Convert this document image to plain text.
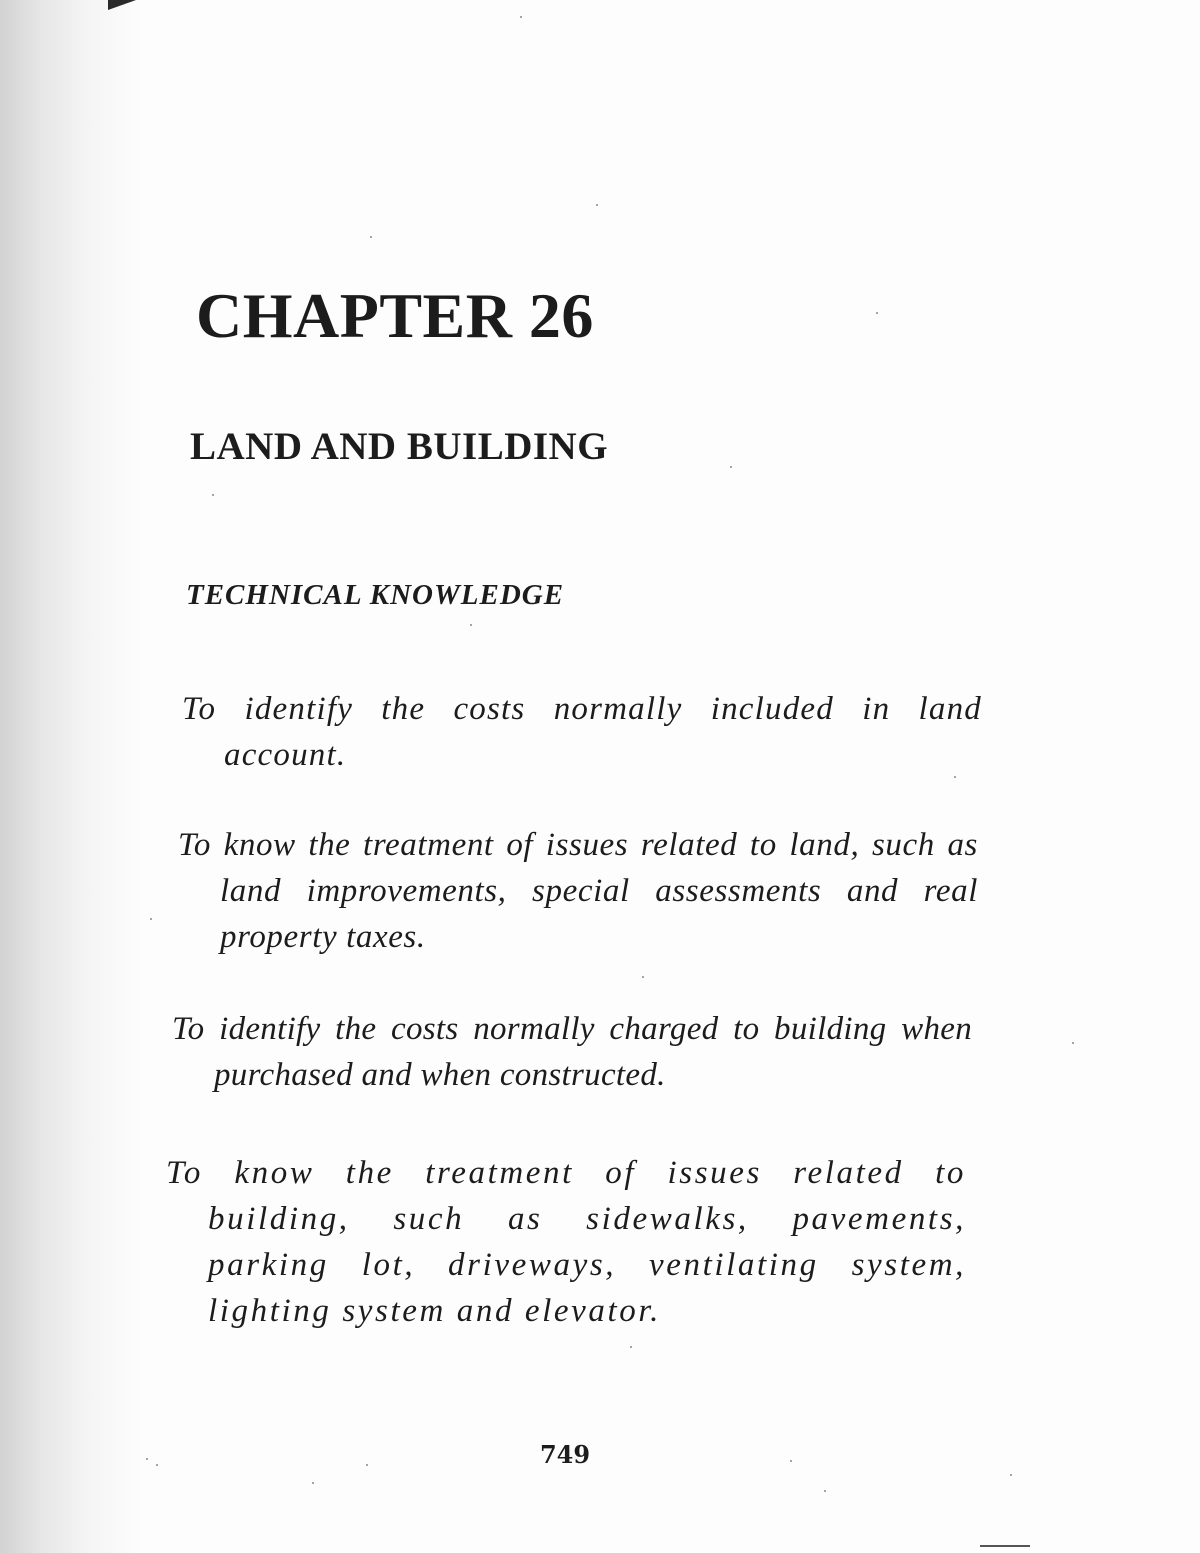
CHAPTER 26
LAND AND BUILDING
TECHNICAL KNOWLEDGE

To identify the costs normally included in land account.

To know the treatment of issues related to land, such as land improvements, special assessments and real property taxes.

To identify the costs normally charged to building when purchased and when constructed.

To know the treatment of issues related to building, such as sidewalks, pavements, parking lot, driveways, ventilating system, lighting system and elevator.

749
